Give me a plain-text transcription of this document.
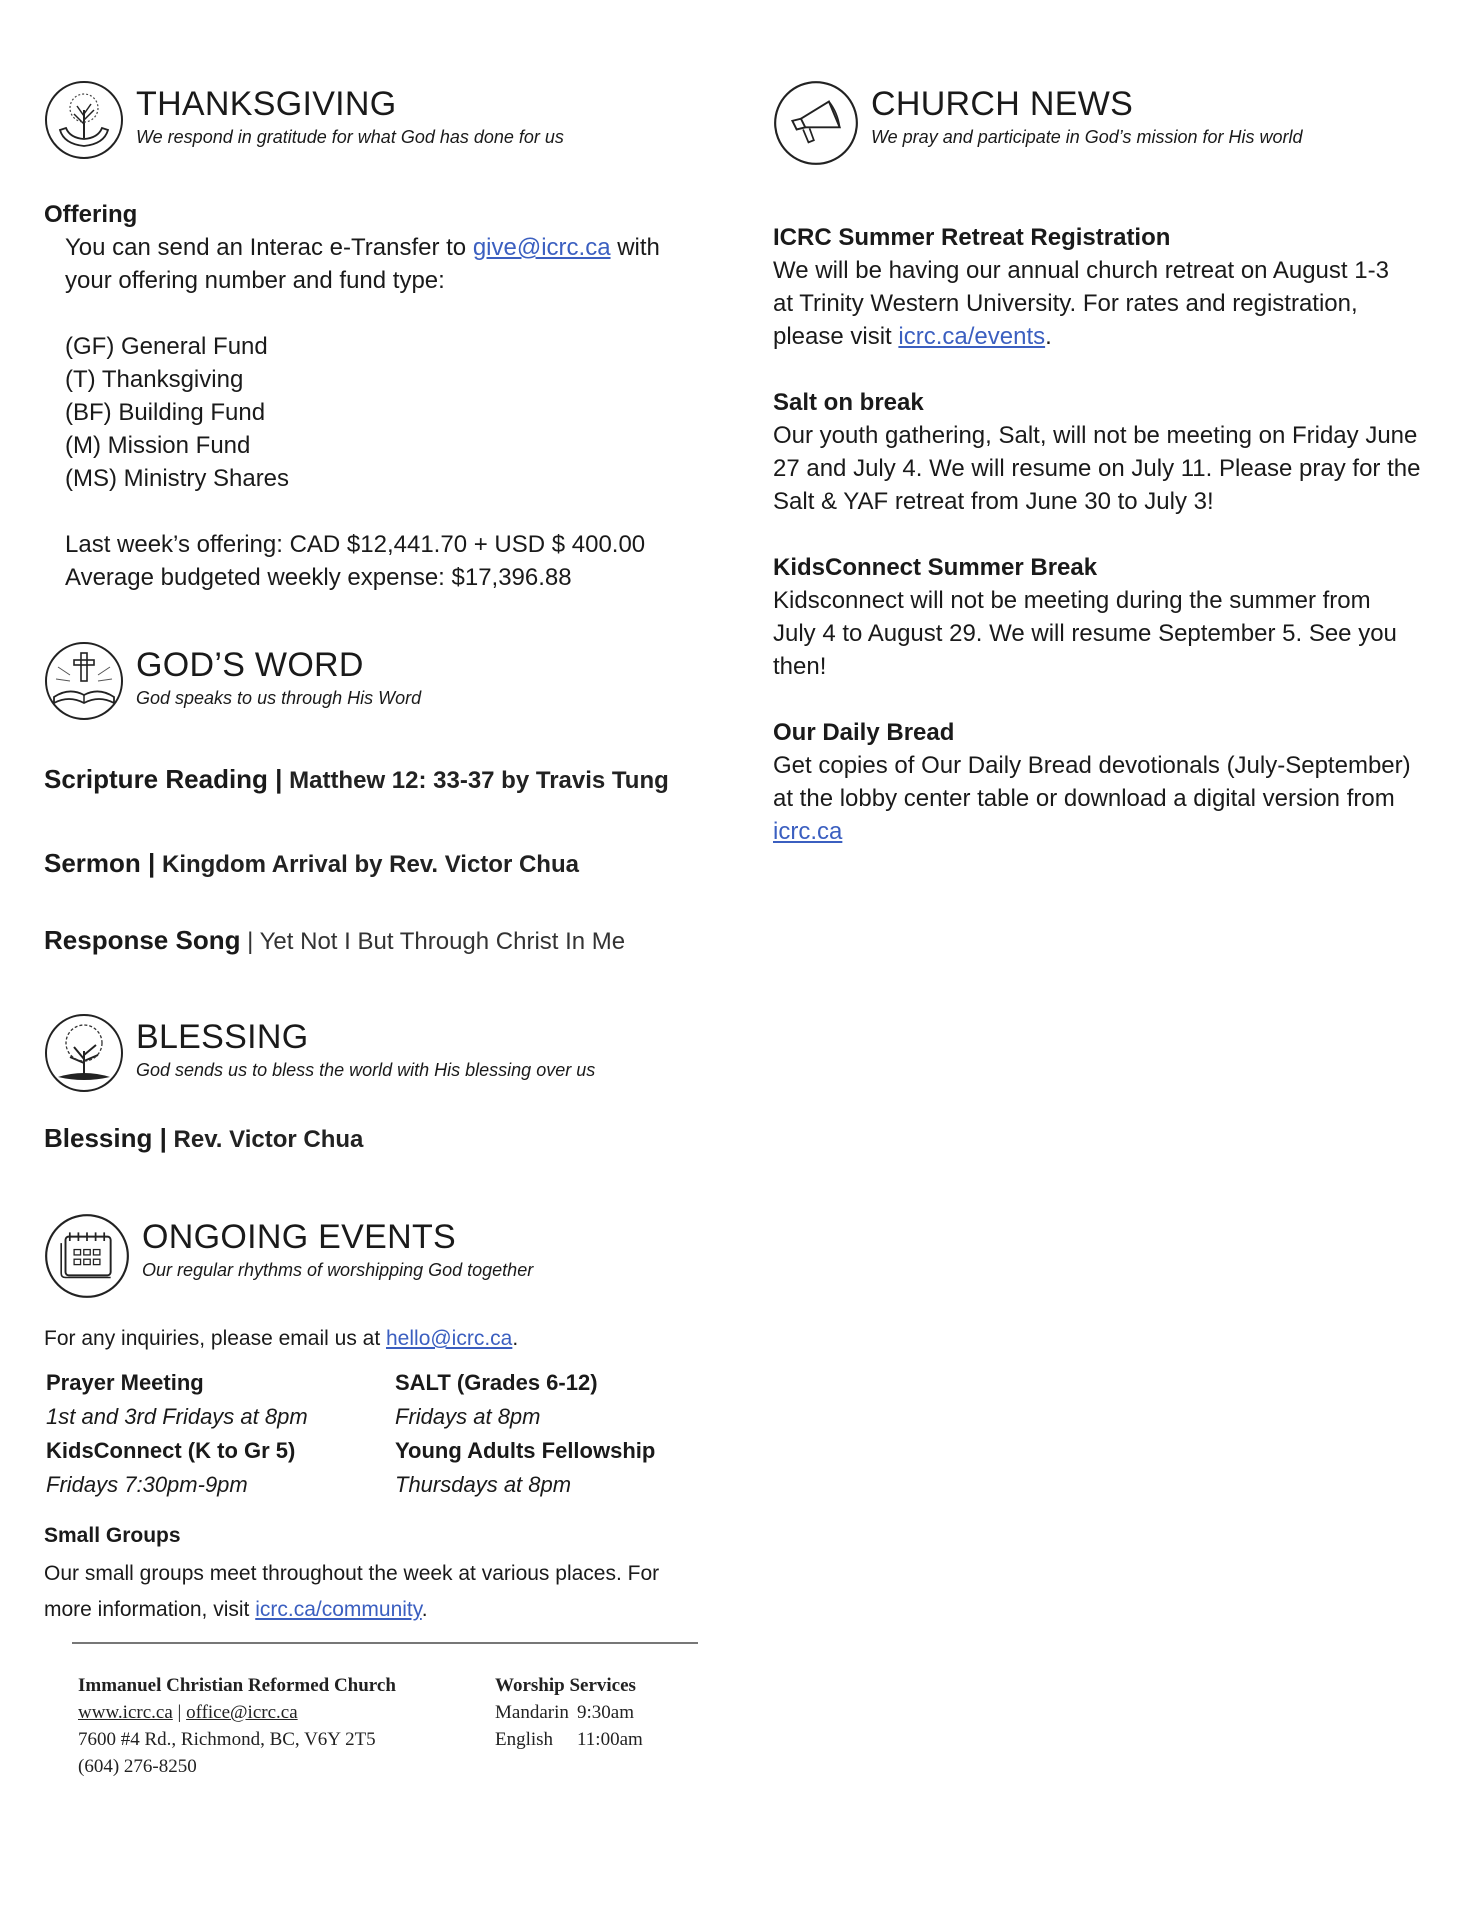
THANKSGIVING
We respond in gratitude for what God has done for us
Offering
You can send an Interac e-Transfer to give@icrc.ca with
your offering number and fund type:
(GF) General Fund
(T) Thanksgiving
(BF) Building Fund
(M) Mission Fund
(MS) Ministry Shares
Last week’s offering: CAD $12,441.70 + USD $ 400.00
Average budgeted weekly expense: $17,396.88
GOD’S WORD
God speaks to us through His Word
Scripture Reading | Matthew 12: 33-37 by Travis Tung
Sermon | Kingdom Arrival by Rev. Victor Chua
Response Song | Yet Not I But Through Christ In Me
BLESSING
God sends us to bless the world with His blessing over us
Blessing | Rev. Victor Chua
ONGOING EVENTS
Our regular rhythms of worshipping God together
For any inquiries, please email us at hello@icrc.ca.
Prayer Meeting
1st and 3rd Fridays at 8pm
SALT (Grades 6-12)
Fridays at 8pm
KidsConnect (K to Gr 5)
Fridays 7:30pm-9pm
Young Adults Fellowship
Thursdays at 8pm
Small Groups
Our small groups meet throughout the week at various places. For
more information, visit icrc.ca/community.
Immanuel Christian Reformed Church
www.icrc.ca | office@icrc.ca
7600 #4 Rd., Richmond, BC, V6Y 2T5
(604) 276-8250
Worship Services
Mandarin 9:30am
English 11:00am
CHURCH NEWS
We pray and participate in God’s mission for His world
ICRC Summer Retreat Registration
We will be having our annual church retreat on August 1-3
at Trinity Western University. For rates and registration,
please visit icrc.ca/events.
Salt on break
Our youth gathering, Salt, will not be meeting on Friday June
27 and July 4. We will resume on July 11. Please pray for the
Salt & YAF retreat from June 30 to July 3!
KidsConnect Summer Break
Kidsconnect will not be meeting during the summer from
July 4 to August 29. We will resume September 5. See you
then!
Our Daily Bread
Get copies of Our Daily Bread devotionals (July-September)
at the lobby center table or download a digital version from
icrc.ca
